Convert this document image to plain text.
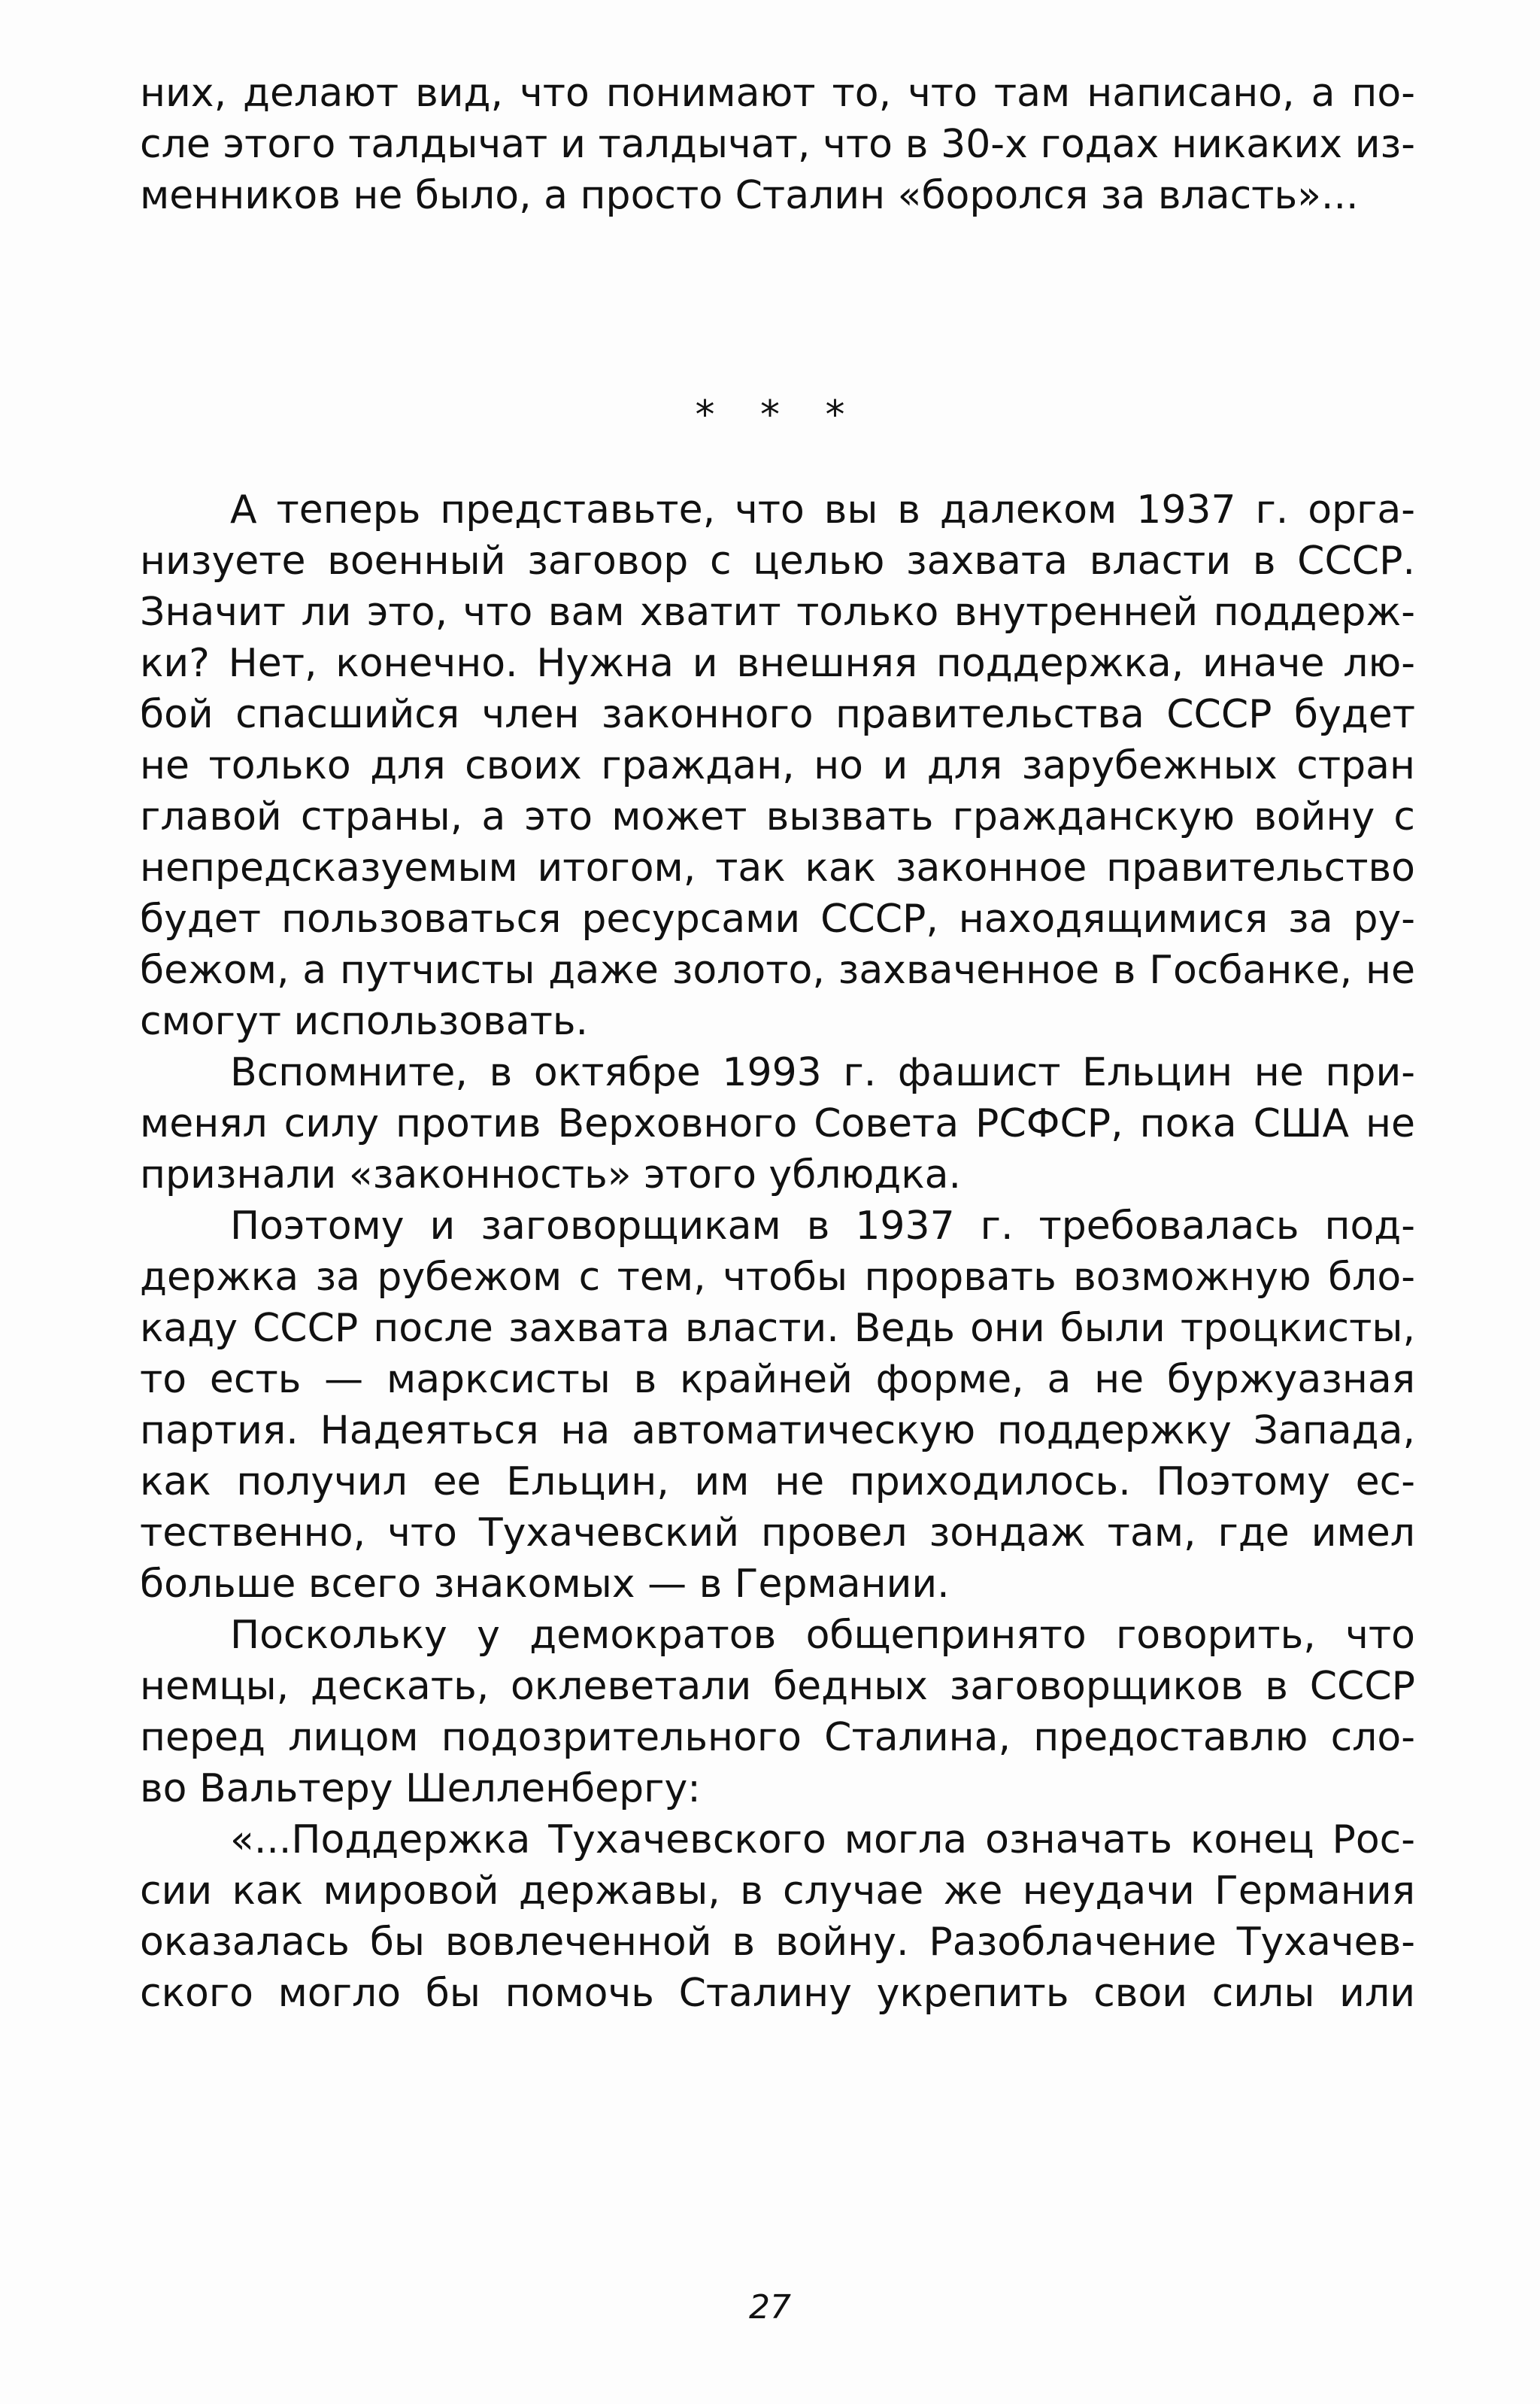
них, делают вид, что понимают то, что там написано, а по-
сле этого талдычат и талдычат, что в 30-х годах никаких из-
менников не было, а просто Сталин «боролся за власть»...
* * *
А теперь представьте, что вы в далеком 1937 г. орга-
низуете военный заговор с целью захвата власти в СССР.
Значит ли это, что вам хватит только внутренней поддерж-
ки? Нет, конечно. Нужна и внешняя поддержка, иначе лю-
бой спасшийся член законного правительства СССР будет
не только для своих граждан, но и для зарубежных стран
главой страны, а это может вызвать гражданскую войну с
непредсказуемым итогом, так как законное правительство
будет пользоваться ресурсами СССР, находящимися за ру-
бежом, а путчисты даже золото, захваченное в Госбанке, не
смогут использовать.
Вспомните, в октябре 1993 г. фашист Ельцин не при-
менял силу против Верховного Совета РСФСР, пока США не
признали «законность» этого ублюдка.
Поэтому и заговорщикам в 1937 г. требовалась под-
держка за рубежом с тем, чтобы прорвать возможную бло-
каду СССР после захвата власти. Ведь они были троцкисты,
то есть — марксисты в крайней форме, а не буржуазная
партия. Надеяться на автоматическую поддержку Запада,
как получил ее Ельцин, им не приходилось. Поэтому ес-
тественно, что Тухачевский провел зондаж там, где имел
больше всего знакомых — в Германии.
Поскольку у демократов общепринято говорить, что
немцы, дескать, оклеветали бедных заговорщиков в СССР
перед лицом подозрительного Сталина, предоставлю сло-
во Вальтеру Шелленбергу:
«...Поддержка Тухачевского могла означать конец Рос-
сии как мировой державы, в случае же неудачи Германия
оказалась бы вовлеченной в войну. Разоблачение Тухачев-
ского могло бы помочь Сталину укрепить свои силы или
27
